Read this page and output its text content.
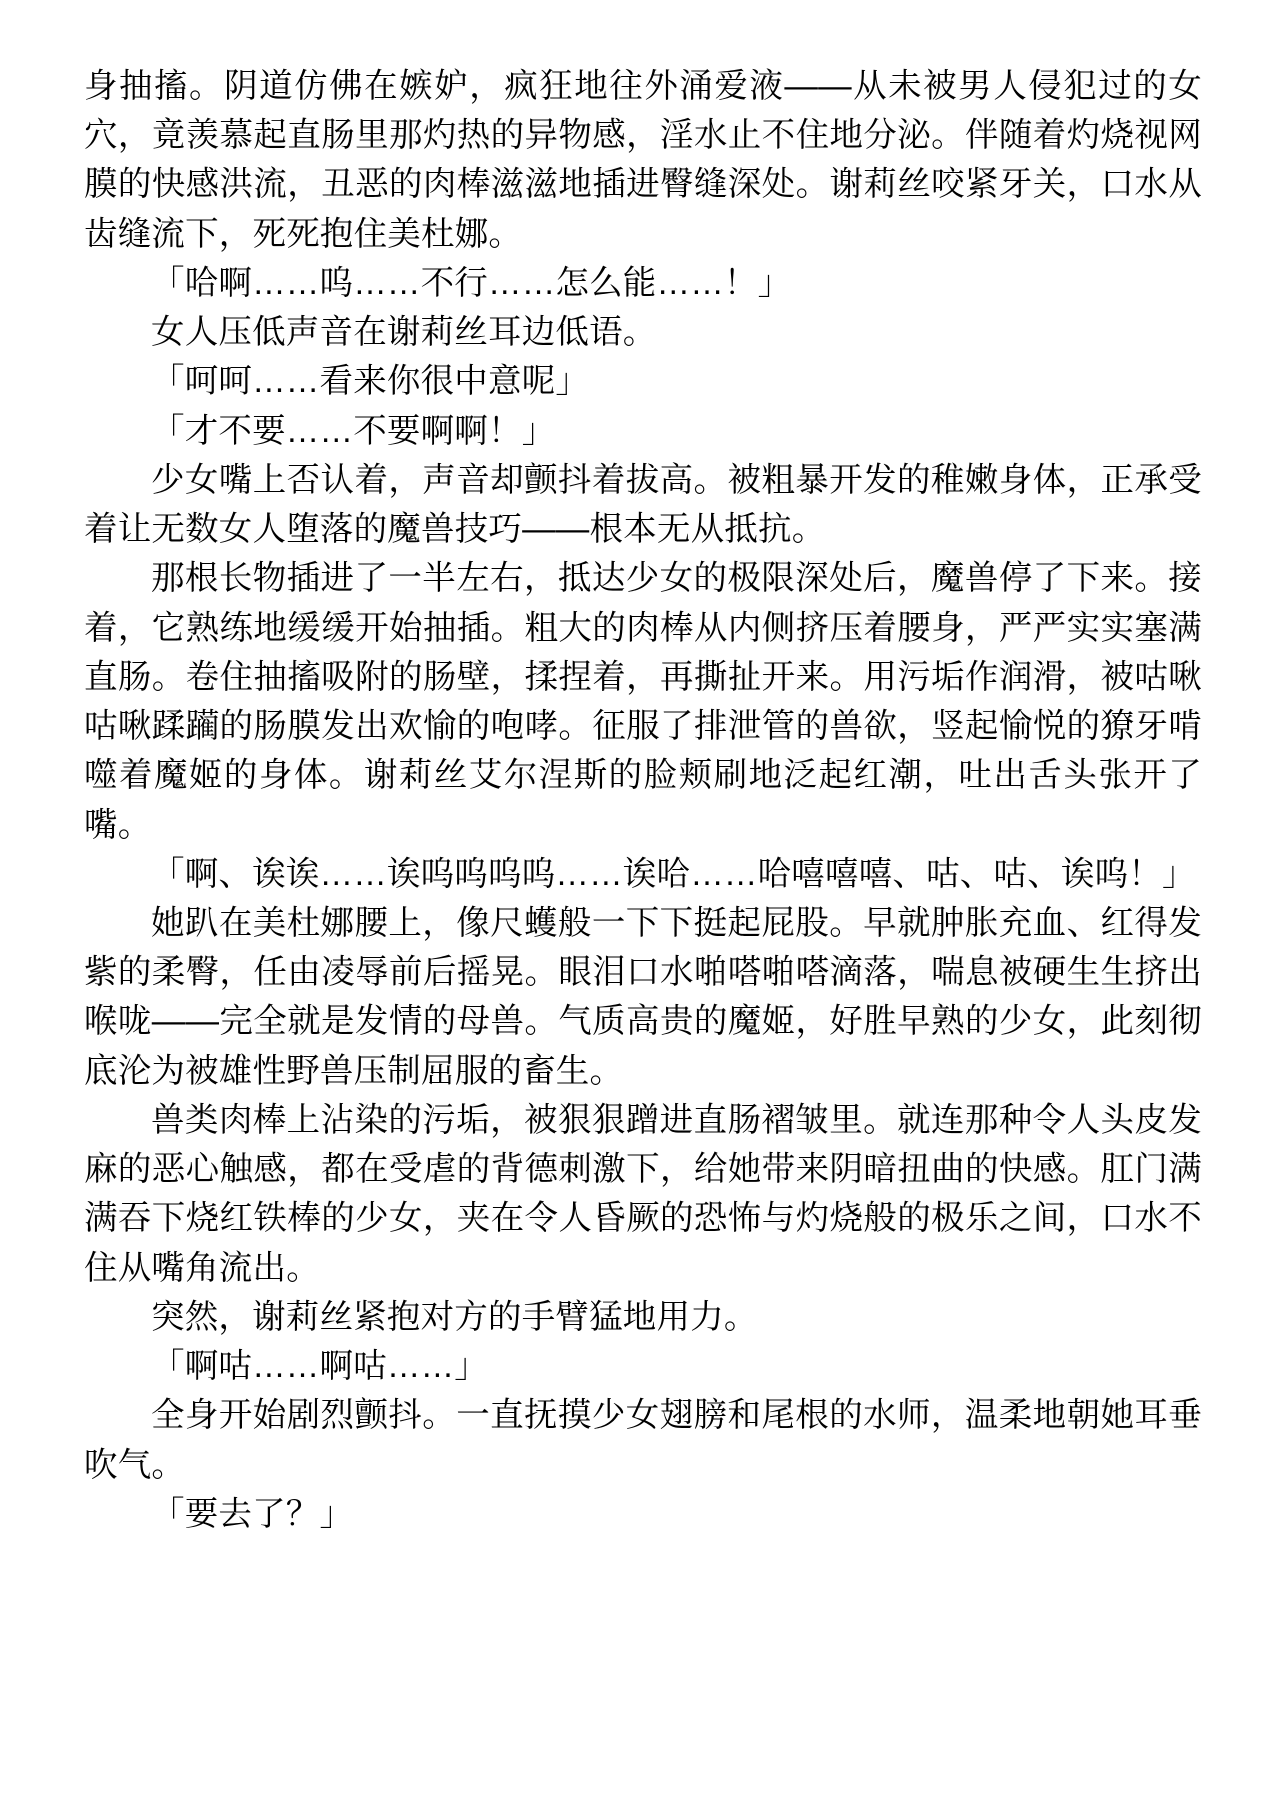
身抽搐。阴道仿佛在嫉妒，疯狂地往外涌爱液——从未被男人侵犯过的女穴，竟羡慕起直肠里那灼热的异物感，淫水止不住地分泌。伴随着灼烧视网膜的快感洪流，丑恶的肉棒滋滋地插进臀缝深处。谢莉丝咬紧牙关，口水从齿缝流下，死死抱住美杜娜。

「哈啊……呜……不行……怎么能……！」

女人压低声音在谢莉丝耳边低语。

「呵呵……看来你很中意呢」

「才不要……不要啊啊！」

少女嘴上否认着，声音却颤抖着拔高。被粗暴开发的稚嫩身体，正承受着让无数女人堕落的魔兽技巧——根本无从抵抗。

那根长物插进了一半左右，抵达少女的极限深处后，魔兽停了下来。接着，它熟练地缓缓开始抽插。粗大的肉棒从内侧挤压着腰身，严严实实塞满直肠。卷住抽搐吸附的肠壁，揉捏着，再撕扯开来。用污垢作润滑，被咕啾咕啾蹂躏的肠膜发出欢愉的咆哮。征服了排泄管的兽欲，竖起愉悦的獠牙啃噬着魔姬的身体。谢莉丝艾尔涅斯的脸颊刷地泛起红潮，吐出舌头张开了嘴。

「啊、诶诶……诶呜呜呜呜……诶哈……哈嘻嘻嘻、咕、咕、诶呜！」

她趴在美杜娜腰上，像尺蠖般一下下挺起屁股。早就肿胀充血、红得发紫的柔臀，任由凌辱前后摇晃。眼泪口水啪嗒啪嗒滴落，喘息被硬生生挤出喉咙——完全就是发情的母兽。气质高贵的魔姬，好胜早熟的少女，此刻彻底沦为被雄性野兽压制屈服的畜生。

兽类肉棒上沾染的污垢，被狠狠蹭进直肠褶皱里。就连那种令人头皮发麻的恶心触感，都在受虐的背德刺激下，给她带来阴暗扭曲的快感。肛门满满吞下烧红铁棒的少女，夹在令人昏厥的恐怖与灼烧般的极乐之间，口水不住从嘴角流出。

突然，谢莉丝紧抱对方的手臂猛地用力。

「啊咕……啊咕……」

全身开始剧烈颤抖。一直抚摸少女翅膀和尾根的水师，温柔地朝她耳垂吹气。

「要去了？」
